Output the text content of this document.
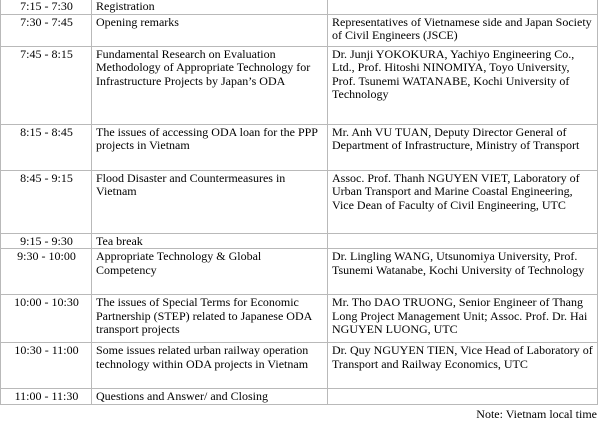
7:15 - 7:30	Registration	
7:30 - 7:45	Opening remarks	Representatives of Vietnamese side and Japan Society of Civil Engineers (JSCE)
7:45 - 8:15	Fundamental Research on Evaluation Methodology of Appropriate Technology for Infrastructure Projects by Japan’s ODA	Dr. Junji YOKOKURA, Yachiyo Engineering Co., Ltd., Prof. Hitoshi NINOMIYA, Toyo University, Prof. Tsunemi WATANABE, Kochi University of Technology
8:15 - 8:45	The issues of accessing ODA loan for the PPP projects in Vietnam	Mr. Anh VU TUAN, Deputy Director General of Department of Infrastructure, Ministry of Transport
8:45 - 9:15	Flood Disaster and Countermeasures in Vietnam	Assoc. Prof. Thanh NGUYEN VIET, Laboratory of Urban Transport and Marine Coastal Engineering, Vice Dean of Faculty of Civil Engineering, UTC
9:15 - 9:30	Tea break	
9:30 - 10:00	Appropriate Technology & Global Competency	Dr. Lingling WANG, Utsunomiya University, Prof. Tsunemi Watanabe, Kochi University of Technology
10:00 - 10:30	The issues of Special Terms for Economic Partnership (STEP) related to Japanese ODA transport projects	Mr. Tho DAO TRUONG, Senior Engineer of Thang Long Project Management Unit; Assoc. Prof. Dr. Hai NGUYEN LUONG, UTC
10:30 - 11:00	Some issues related urban railway operation technology within ODA projects in Vietnam	Dr. Quy NGUYEN TIEN, Vice Head of Laboratory of Transport and Railway Economics, UTC
11:00 - 11:30	Questions and Answer/ and Closing	
Note: Vietnam local time
